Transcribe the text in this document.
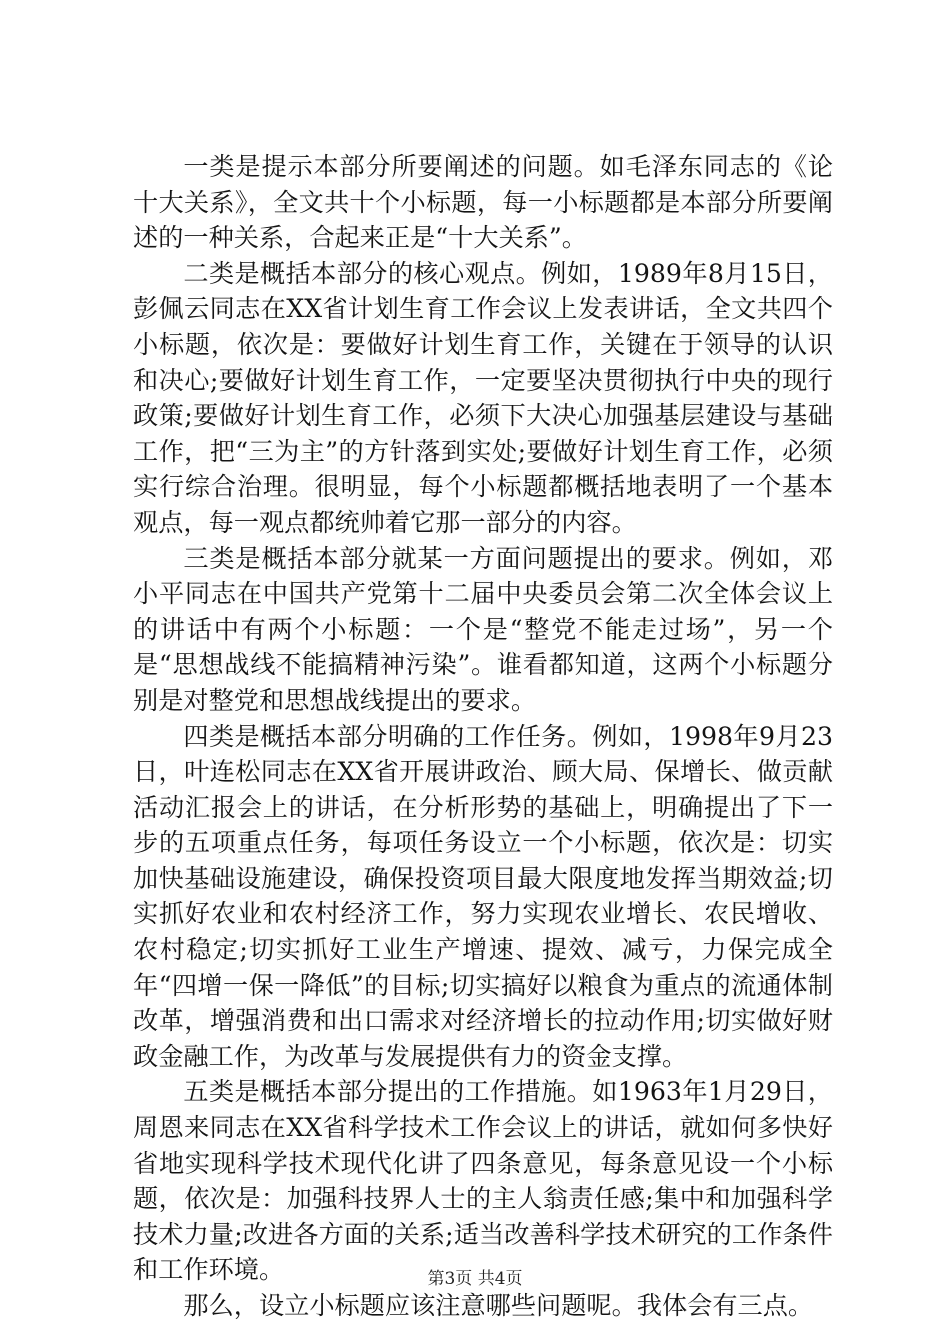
一类是提示本部分所要阐述的问题。如毛泽东同志的《论十大关系》，全文共十个小标题，每一小标题都是本部分所要阐述的一种关系，合起来正是“十大关系”。

二类是概括本部分的核心观点。例如，1989年8月15日，彭佩云同志在XX省计划生育工作会议上发表讲话，全文共四个小标题，依次是：要做好计划生育工作，关键在于领导的认识和决心;要做好计划生育工作，一定要坚决贯彻执行中央的现行政策;要做好计划生育工作，必须下大决心加强基层建设与基础工作，把“三为主”的方针落到实处;要做好计划生育工作，必须实行综合治理。很明显，每个小标题都概括地表明了一个基本观点，每一观点都统帅着它那一部分的内容。

三类是概括本部分就某一方面问题提出的要求。例如，邓小平同志在中国共产党第十二届中央委员会第二次全体会议上的讲话中有两个小标题：一个是“整党不能走过场”，另一个是“思想战线不能搞精神污染”。谁看都知道，这两个小标题分别是对整党和思想战线提出的要求。

四类是概括本部分明确的工作任务。例如，1998年9月23日，叶连松同志在XX省开展讲政治、顾大局、保增长、做贡献活动汇报会上的讲话，在分析形势的基础上，明确提出了下一步的五项重点任务，每项任务设立一个小标题，依次是：切实加快基础设施建设，确保投资项目最大限度地发挥当期效益;切实抓好农业和农村经济工作，努力实现农业增长、农民增收、农村稳定;切实抓好工业生产增速、提效、减亏，力保完成全年“四增一保一降低”的目标;切实搞好以粮食为重点的流通体制改革，增强消费和出口需求对经济增长的拉动作用;切实做好财政金融工作，为改革与发展提供有力的资金支撑。

五类是概括本部分提出的工作措施。如1963年1月29日，周恩来同志在XX省科学技术工作会议上的讲话，就如何多快好省地实现科学技术现代化讲了四条意见，每条意见设一个小标题，依次是：加强科技界人士的主人翁责任感;集中和加强科学技术力量;改进各方面的关系;适当改善科学技术研究的工作条件和工作环境。

那么，设立小标题应该注意哪些问题呢。我体会有三点。

第3页 共4页
